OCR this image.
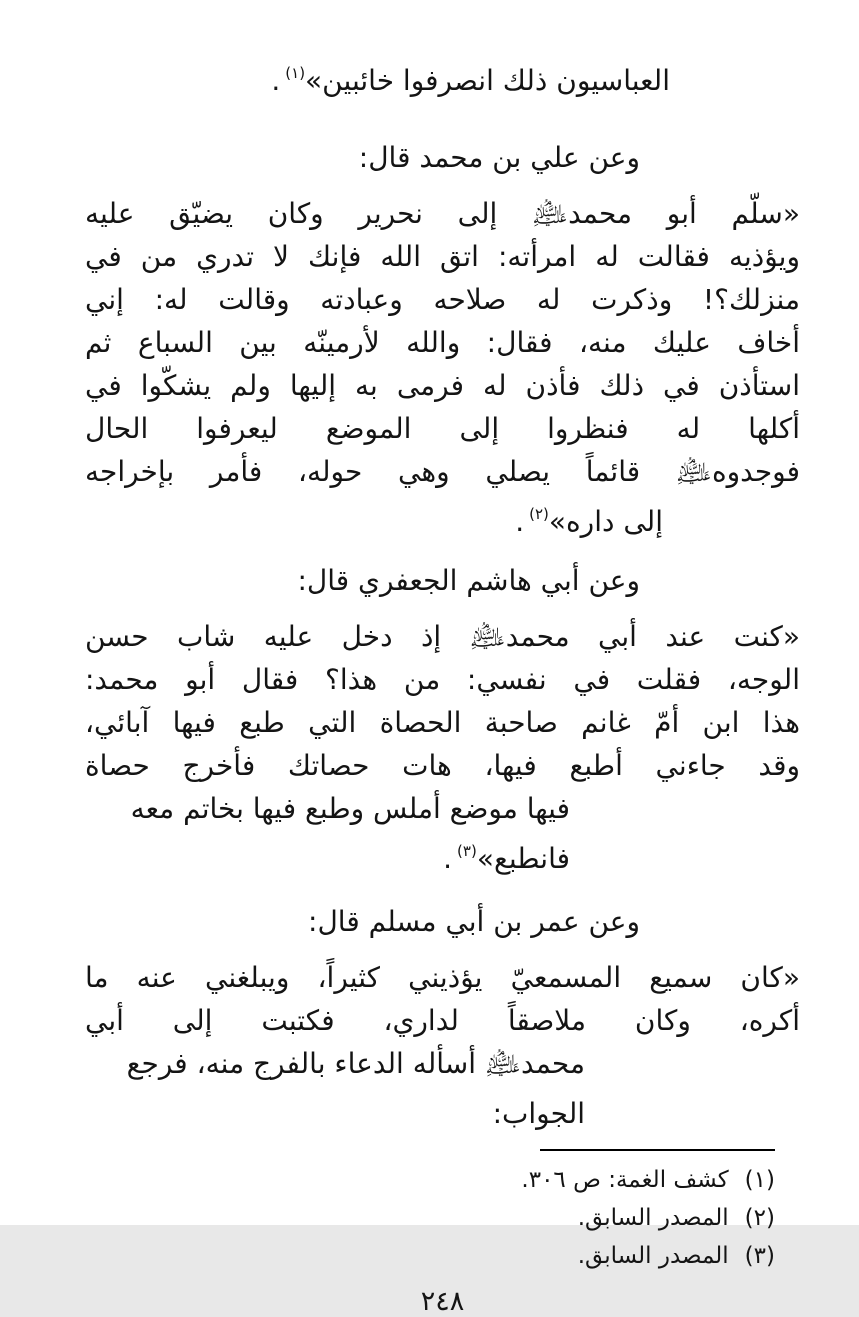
العباسيون ذلك انصرفوا خائبين»$^{(١)}$.
وعن علي بن محمد قال:
«سلّم أبو محمد﵇ إلى نحرير وكان يضيّق عليه
ويؤذيه فقالت له امرأته: اتق الله فإنك لا تدري من في
منزلك؟! وذكرت له صلاحه وعبادته وقالت له: إني
أخاف عليك منه، فقال: والله لأرمينّه بين السباع ثم
استأذن في ذلك فأذن له فرمى به إليها ولم يشكّوا في
أكلها له فنظروا إلى الموضع ليعرفوا الحال
فوجدوه﵇ قائماً يصلي وهي حوله، فأمر بإخراجه
إلى داره»$^{(٢)}$.
وعن أبي هاشم الجعفري قال:
«كنت عند أبي محمد﵇ إذ دخل عليه شاب حسن
الوجه، فقلت في نفسي: من هذا؟ فقال أبو محمد:
هذا ابن أمّ غانم صاحبة الحصاة التي طبع فيها آبائي،
وقد جاءني أطبع فيها، هات حصاتك فأخرج حصاة
فيها موضع أملس وطبع فيها بخاتم معه فانطبع»$^{(٣)}$.
وعن عمر بن أبي مسلم قال:
«كان سميع المسمعيّ يؤذيني كثيراً، ويبلغني عنه ما
أكره، وكان ملاصقاً لداري، فكتبت إلى أبي
محمد﵇ أسأله الدعاء بالفرج منه، فرجع الجواب:
(١)كشف الغمة: ص ٣٠٦.
(٢)المصدر السابق.
(٣)المصدر السابق.
٢٤٨
